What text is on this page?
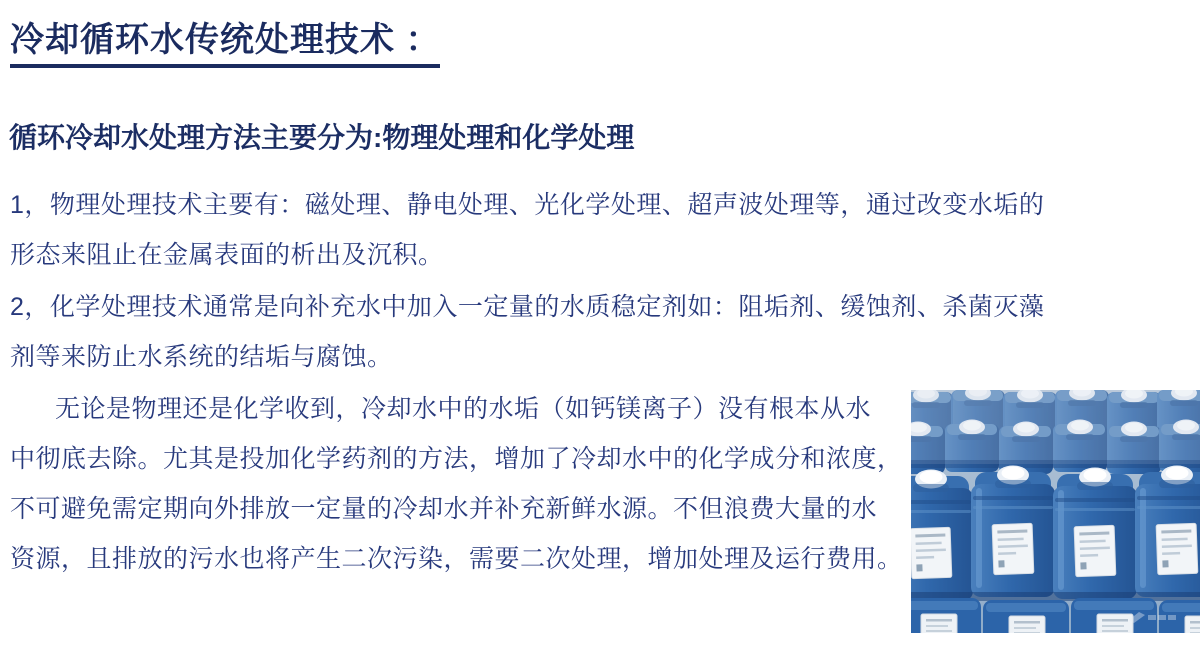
冷却循环水传统处理技术 ：
循环冷却水处理方法主要分为:物理处理和化学处理

1，物理处理技术主要有：磁处理、静电处理、光化学处理、超声波处理等，通过改变水垢的
形态来阻止在金属表面的析出及沉积。

2，化学处理技术通常是向补充水中加入一定量的水质稳定剂如：阻垢剂、缓蚀剂、杀菌灭藻
剂等来防止水系统的结垢与腐蚀。

无论是物理还是化学收到，冷却水中的水垢（如钙镁离子）没有根本从水
中彻底去除。尤其是投加化学药剂的方法，增加了冷却水中的化学成分和浓度，
不可避免需定期向外排放一定量的冷却水并补充新鲜水源。不但浪费大量的水
资源，且排放的污水也将产生二次污染，需要二次处理，增加处理及运行费用。
